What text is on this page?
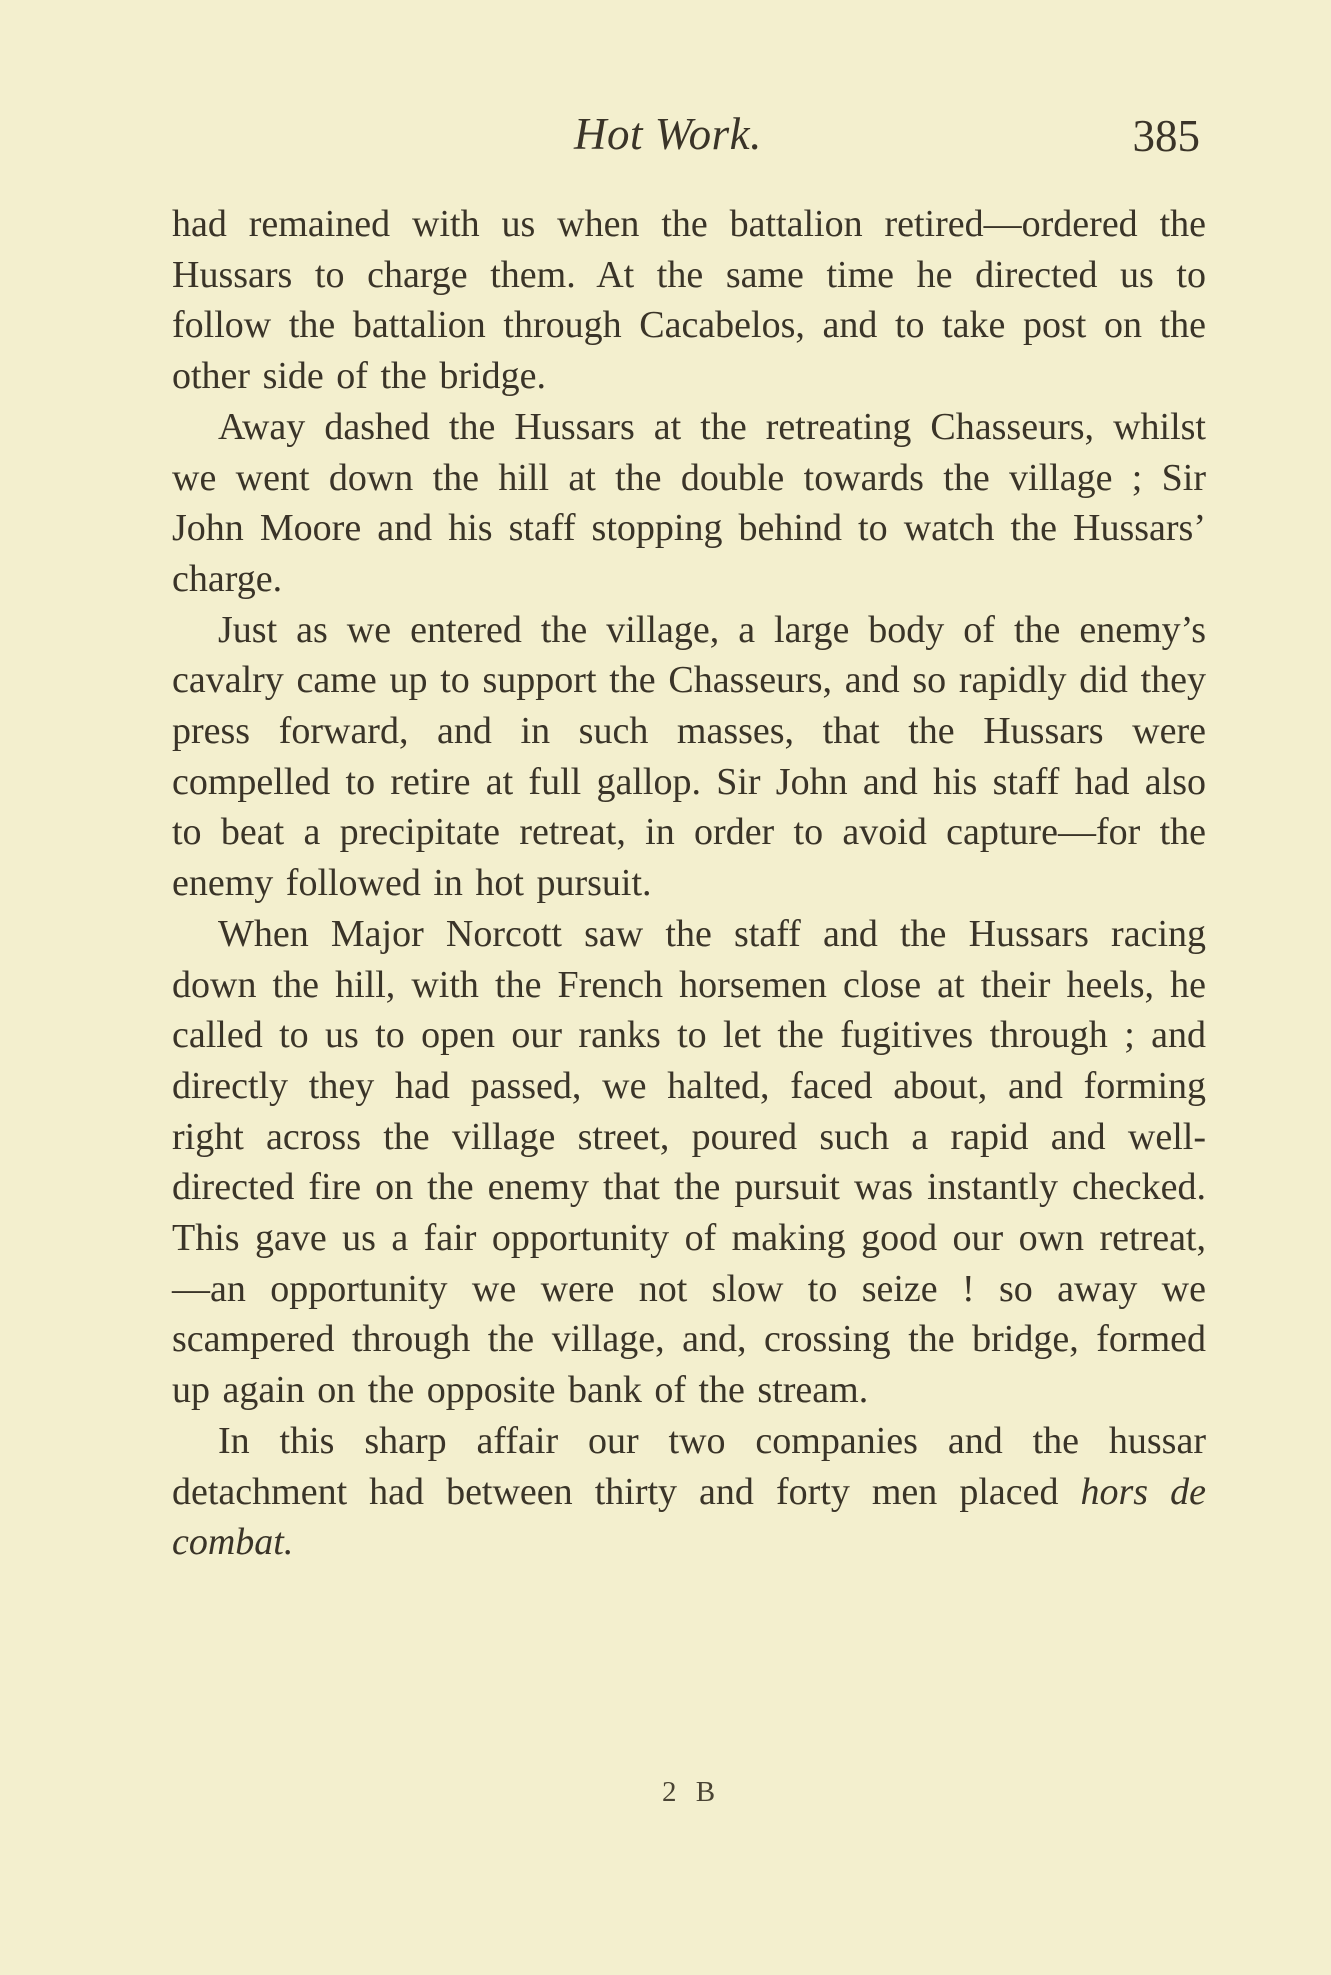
Hot Work.	385

had remained with us when the battalion retired—ordered the Hussars to charge them. At the same time he directed us to follow the battalion through Cacabelos, and to take post on the other side of the bridge.

Away dashed the Hussars at the retreating Chasseurs, whilst we went down the hill at the double towards the village ; Sir John Moore and his staff stopping behind to watch the Hussars’ charge.

Just as we entered the village, a large body of the enemy’s cavalry came up to support the Chasseurs, and so rapidly did they press forward, and in such masses, that the Hussars were compelled to retire at full gallop. Sir John and his staff had also to beat a precipitate retreat, in order to avoid capture—for the enemy followed in hot pursuit.

When Major Norcott saw the staff and the Hussars racing down the hill, with the French horsemen close at their heels, he called to us to open our ranks to let the fugitives through ; and directly they had passed, we halted, faced about, and forming right across the village street, poured such a rapid and well-directed fire on the enemy that the pursuit was instantly checked. This gave us a fair opportunity of making good our own retreat,—an opportunity we were not slow to seize ! so away we scampered through the village, and, crossing the bridge, formed up again on the opposite bank of the stream.

In this sharp affair our two companies and the hussar detachment had between thirty and forty men placed hors de combat.

2 B
